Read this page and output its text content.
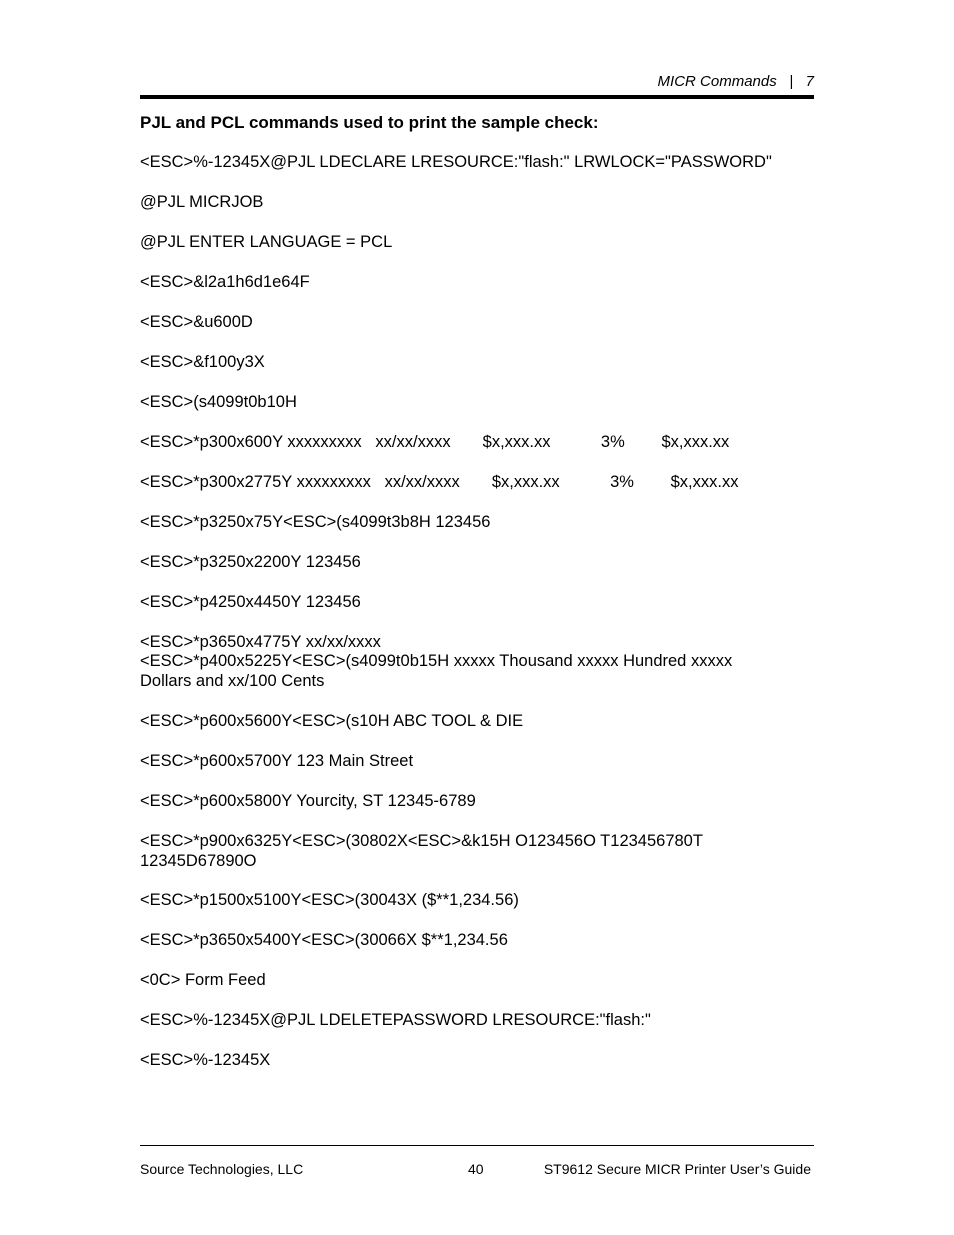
MICR Commands | 7
PJL and PCL commands used to print the sample check:
<ESC>%-12345X@PJL LDECLARE LRESOURCE:"flash:" LRWLOCK="PASSWORD"
@PJL MICRJOB
@PJL ENTER LANGUAGE = PCL
<ESC>&l2a1h6d1e64F
<ESC>&u600D
<ESC>&f100y3X
<ESC>(s4099t0b10H
<ESC>*p300x600Y xxxxxxxxx   xx/xx/xxxx       $x,xxx.xx           3%        $x,xxx.xx
<ESC>*p300x2775Y xxxxxxxxx   xx/xx/xxxx       $x,xxx.xx           3%        $x,xxx.xx
<ESC>*p3250x75Y<ESC>(s4099t3b8H 123456
<ESC>*p3250x2200Y 123456
<ESC>*p4250x4450Y 123456
<ESC>*p3650x4775Y xx/xx/xxxx
<ESC>*p400x5225Y<ESC>(s4099t0b15H xxxxx Thousand xxxxx Hundred xxxxx Dollars and xx/100 Cents
<ESC>*p600x5600Y<ESC>(s10H ABC TOOL & DIE
<ESC>*p600x5700Y 123 Main Street
<ESC>*p600x5800Y Yourcity, ST 12345-6789
<ESC>*p900x6325Y<ESC>(30802X<ESC>&k15H O123456O T123456780T 12345D67890O
<ESC>*p1500x5100Y<ESC>(30043X ($**1,234.56)
<ESC>*p3650x5400Y<ESC>(30066X $**1,234.56
<0C> Form Feed
<ESC>%-12345X@PJL LDELETEPASSWORD LRESOURCE:"flash:"
<ESC>%-12345X
Source Technologies, LLC	40	ST9612 Secure MICR Printer User’s Guide
